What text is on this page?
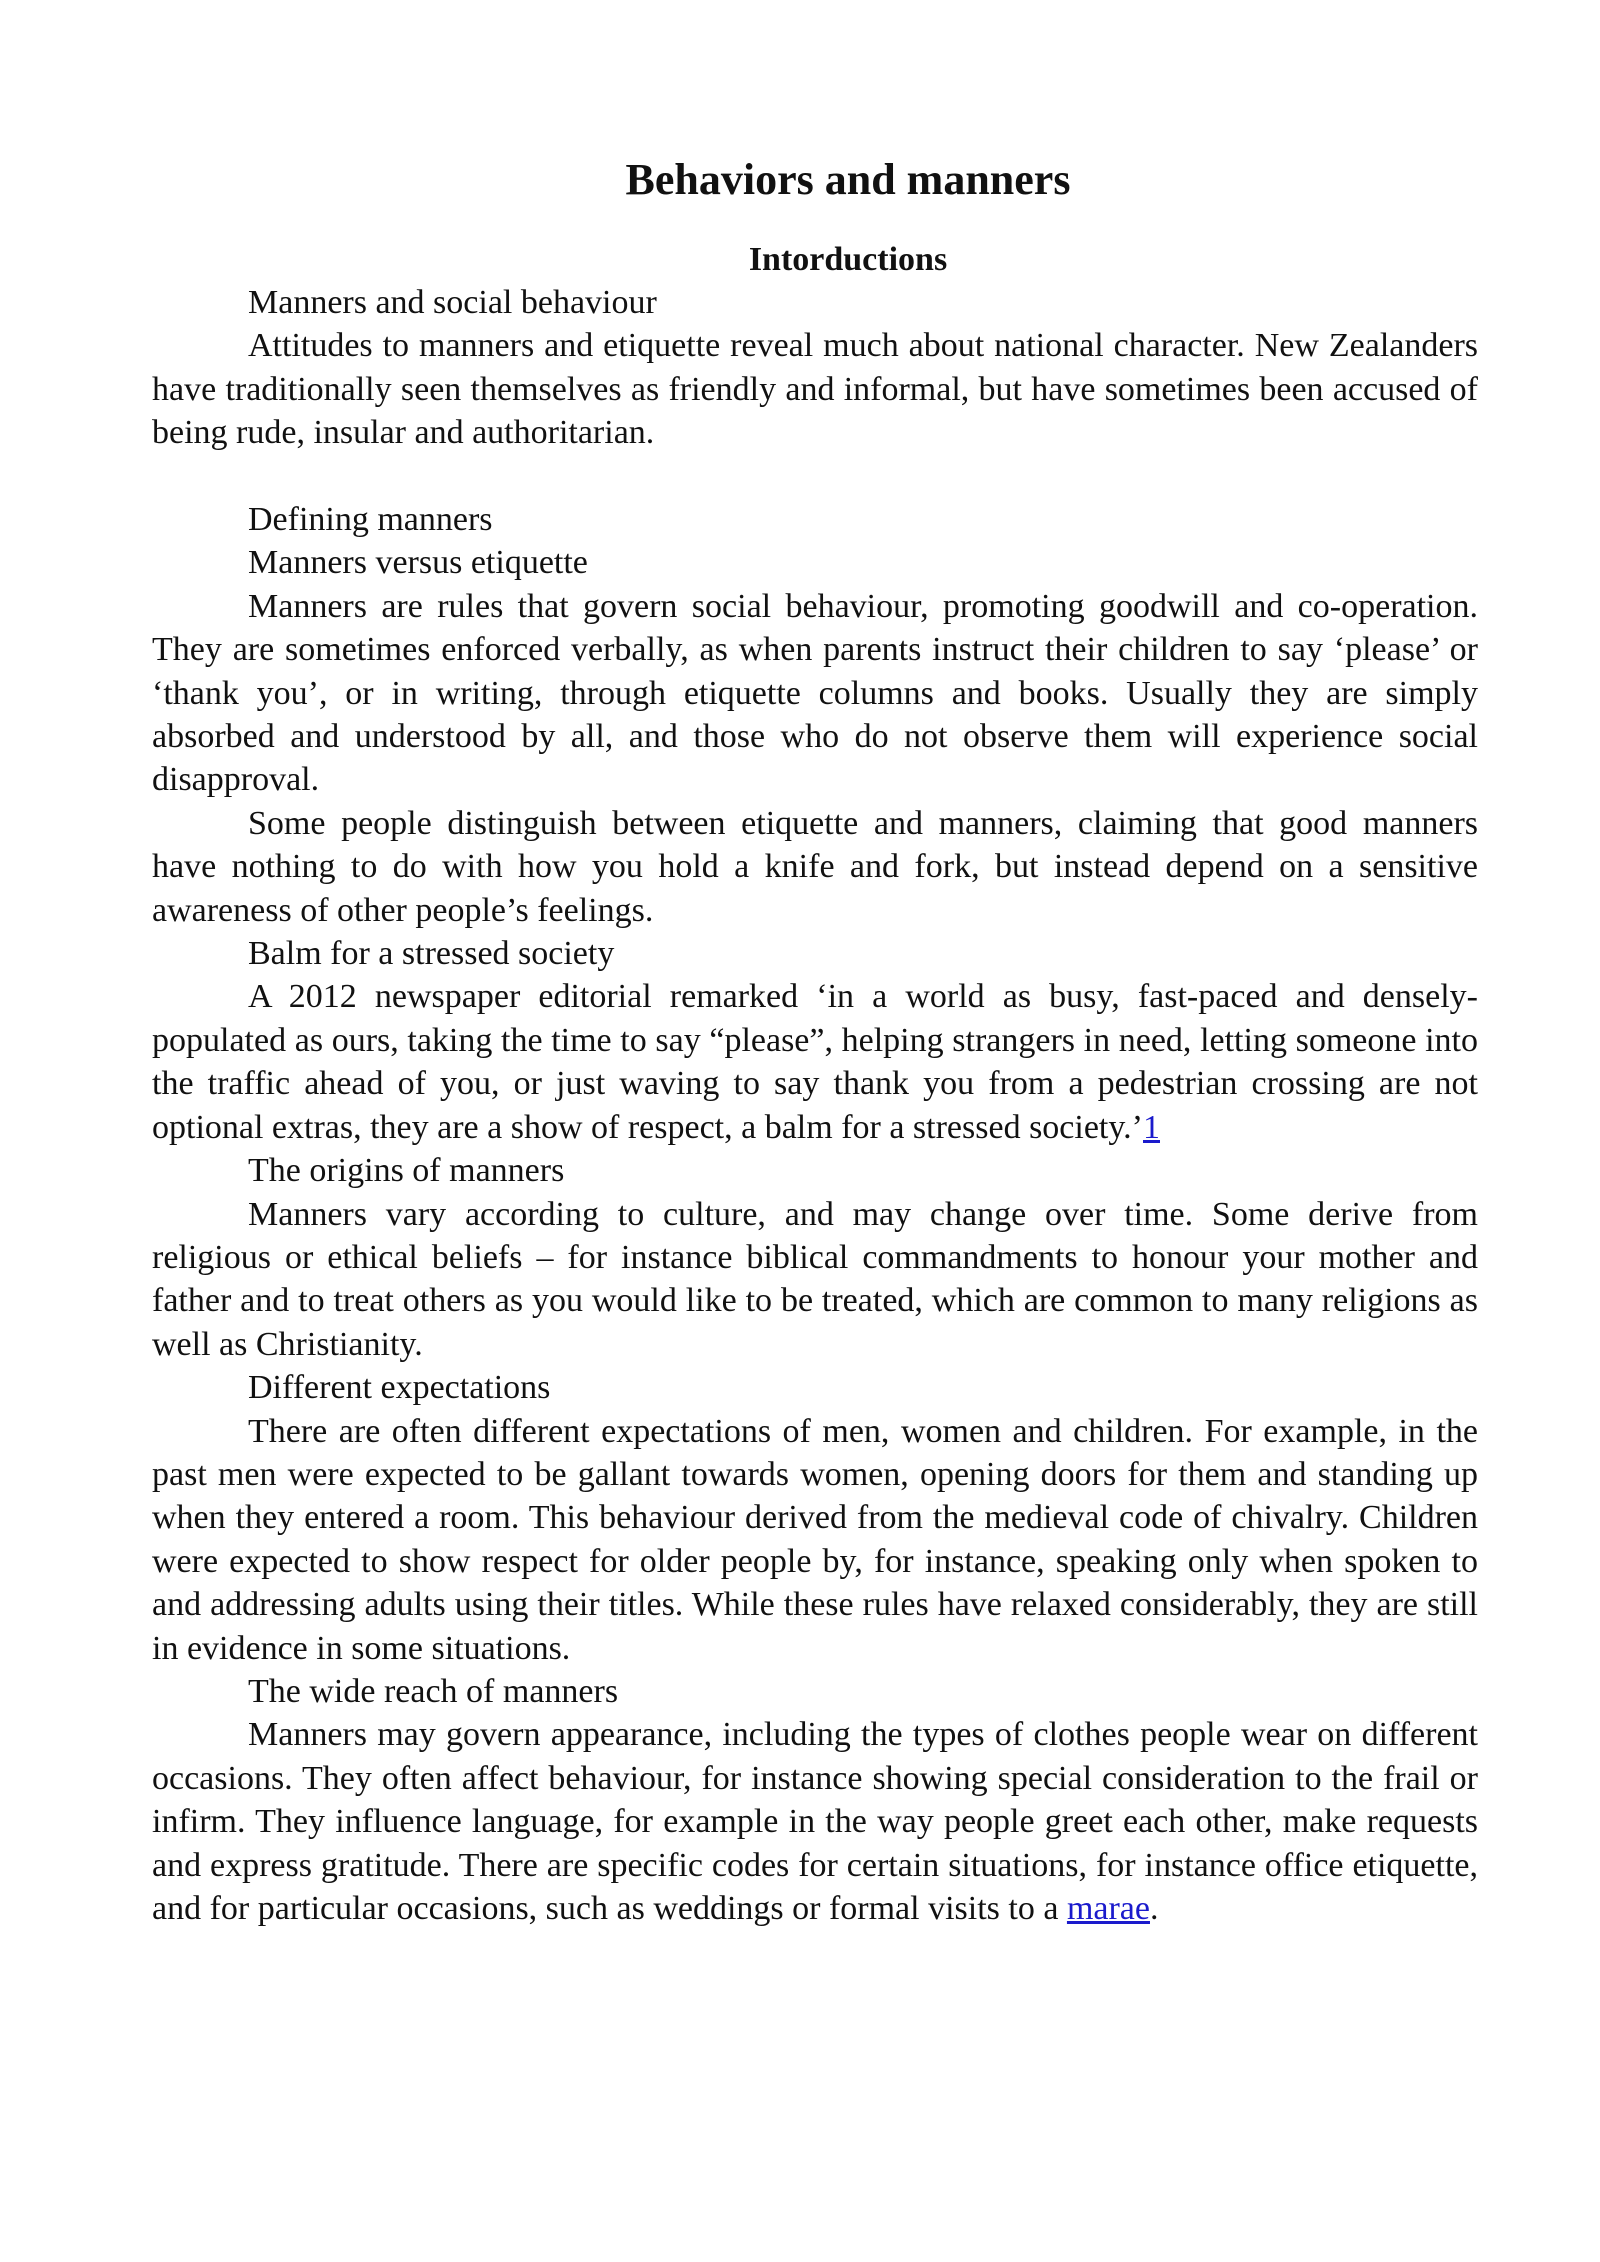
Behaviors and manners
Intorductions

Manners and social behaviour

Attitudes to manners and etiquette reveal much about national character. New Zealanders have traditionally seen themselves as friendly and informal, but have sometimes been accused of being rude, insular and authoritarian.

Defining manners

Manners versus etiquette

Manners are rules that govern social behaviour, promoting goodwill and co-operation. They are sometimes enforced verbally, as when parents instruct their children to say ‘please’ or ‘thank you’, or in writing, through etiquette columns and books. Usually they are simply absorbed and understood by all, and those who do not observe them will experience social disapproval.

Some people distinguish between etiquette and manners, claiming that good manners have nothing to do with how you hold a knife and fork, but instead depend on a sensitive awareness of other people’s feelings.

Balm for a stressed society

A 2012 newspaper editorial remarked ‘in a world as busy, fast-paced and densely-populated as ours, taking the time to say “please”, helping strangers in need, letting someone into the traffic ahead of you, or just waving to say thank you from a pedestrian crossing are not optional extras, they are a show of respect, a balm for a stressed society.’1

The origins of manners

Manners vary according to culture, and may change over time. Some derive from religious or ethical beliefs – for instance biblical commandments to honour your mother and father and to treat others as you would like to be treated, which are common to many religions as well as Christianity.

Different expectations

There are often different expectations of men, women and children. For example, in the past men were expected to be gallant towards women, opening doors for them and standing up when they entered a room. This behaviour derived from the medieval code of chivalry. Children were expected to show respect for older people by, for instance, speaking only when spoken to and addressing adults using their titles. While these rules have relaxed considerably, they are still in evidence in some situations.

The wide reach of manners

Manners may govern appearance, including the types of clothes people wear on different occasions. They often affect behaviour, for instance showing special consideration to the frail or infirm. They influence language, for example in the way people greet each other, make requests and express gratitude. There are specific codes for certain situations, for instance office etiquette, and for particular occasions, such as weddings or formal visits to a marae.
